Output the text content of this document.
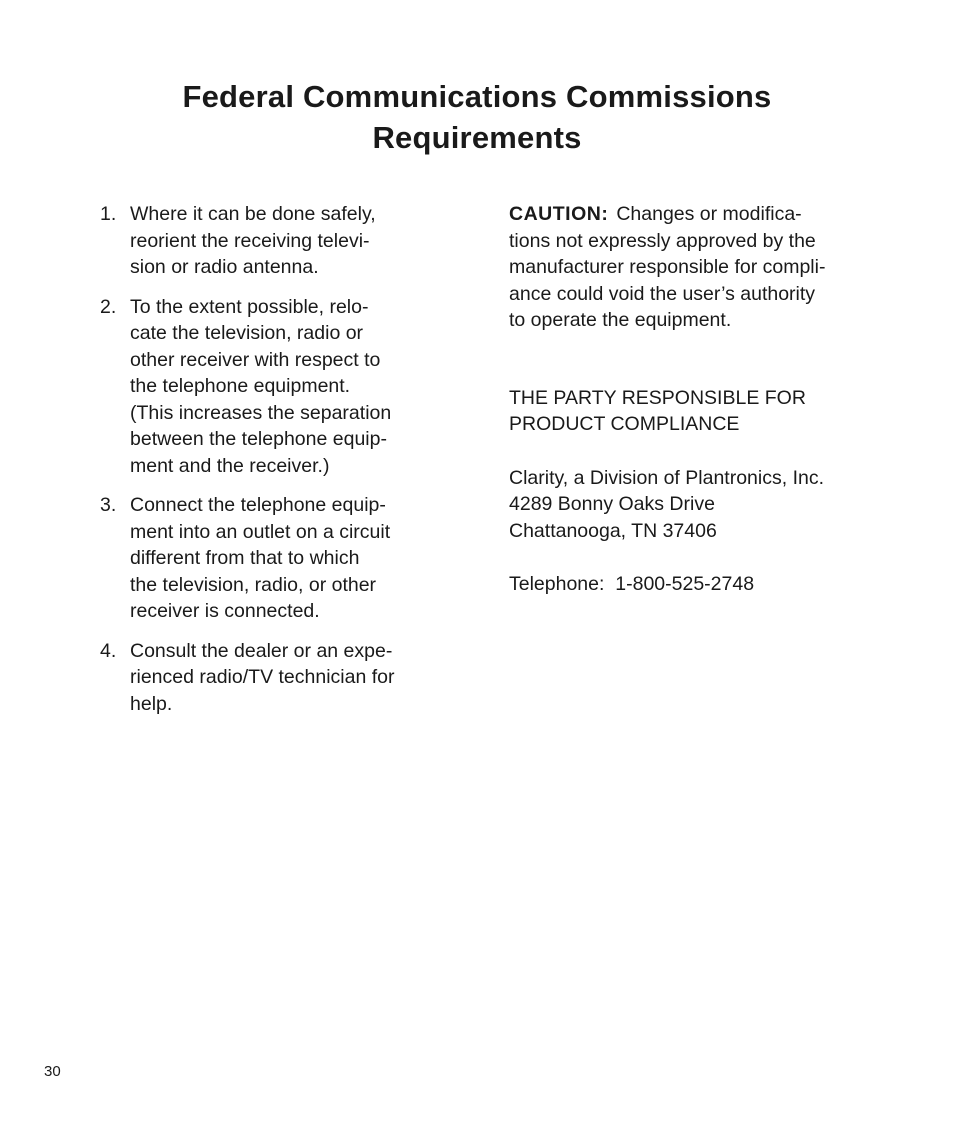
Federal Communications Commissions
Requirements
1. Where it can be done safely,
reorient the receiving televi-
sion or radio antenna.
2. To the extent possible, relo-
cate the television, radio or
other receiver with respect to
the telephone equipment.
(This increases the separation
between the telephone equip-
ment and the receiver.)
3. Connect the telephone equip-
ment into an outlet on a circuit
different from that to which
the television, radio, or other
receiver is connected.
4. Consult the dealer or an expe-
rienced radio/TV technician for
help.

CAUTION: Changes or modifica-
tions not expressly approved by the
manufacturer responsible for compli-
ance could void the user’s authority
to operate the equipment.

THE PARTY RESPONSIBLE FOR
PRODUCT COMPLIANCE

Clarity, a Division of Plantronics, Inc.
4289 Bonny Oaks Drive
Chattanooga, TN 37406

Telephone: 1-800-525-2748

30
